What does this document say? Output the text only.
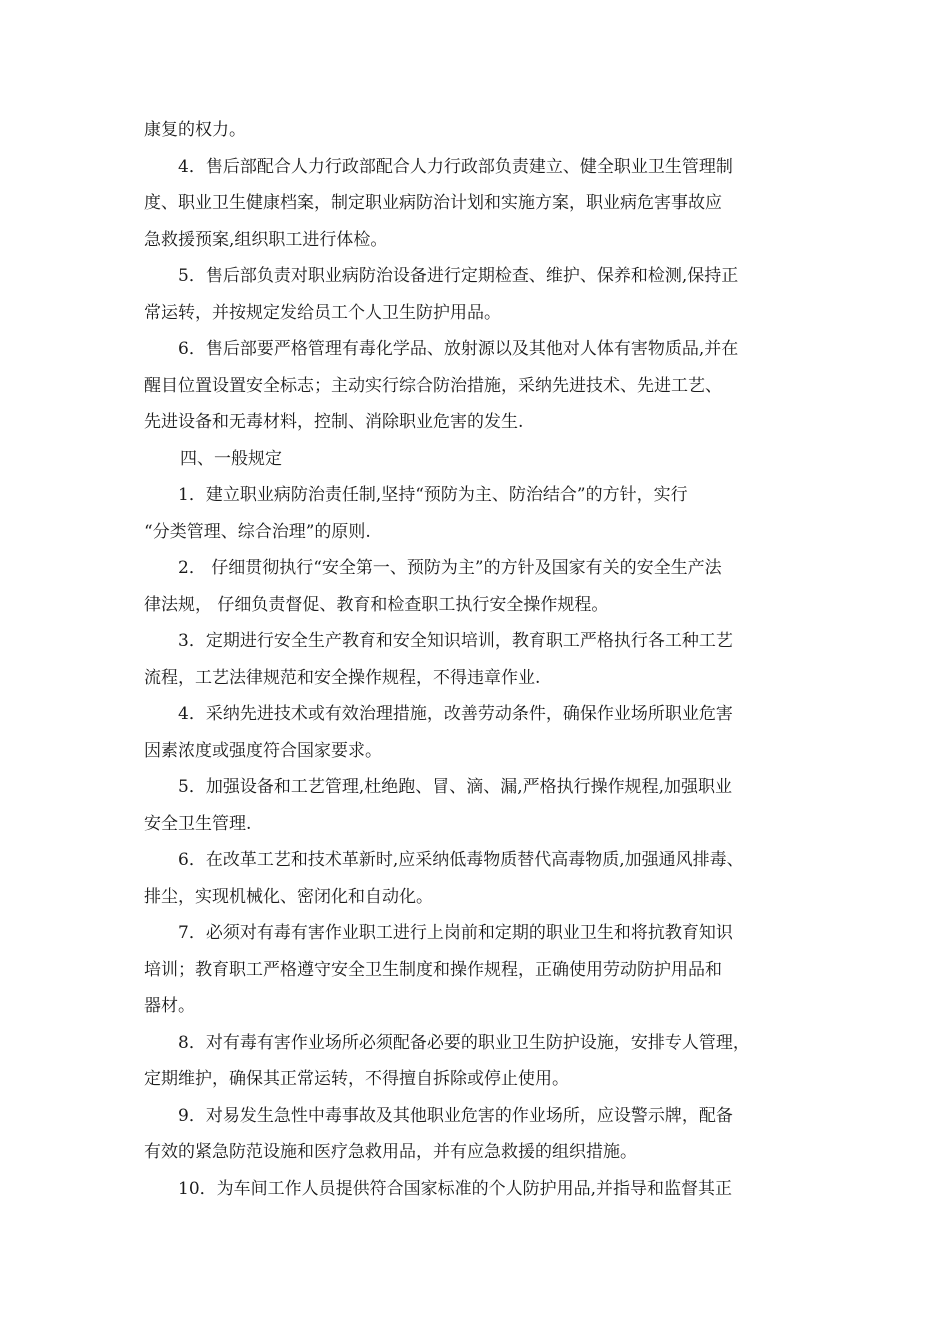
康复的权力。
4．售后部配合人力行政部配合人力行政部负责建立、健全职业卫生管理制
度、职业卫生健康档案，制定职业病防治计划和实施方案，职业病危害事故应
急救援预案,组织职工进行体检。
5．售后部负责对职业病防治设备进行定期检查、维护、保养和检测,保持正
常运转，并按规定发给员工个人卫生防护用品。
6．售后部要严格管理有毒化学品、放射源以及其他对人体有害物质品,并在
醒目位置设置安全标志；主动实行综合防治措施，采纳先进技术、先进工艺、
先进设备和无毒材料，控制、消除职业危害的发生.
四、一般规定
1．建立职业病防治责任制,坚持“预防为主、防治结合”的方针，实行
“分类管理、综合治理”的原则.
2． 仔细贯彻执行“安全第一、预防为主”的方针及国家有关的安全生产法
律法规， 仔细负责督促、教育和检查职工执行安全操作规程。
3．定期进行安全生产教育和安全知识培训，教育职工严格执行各工种工艺
流程，工艺法律规范和安全操作规程，不得违章作业.
4．采纳先进技术或有效治理措施，改善劳动条件，确保作业场所职业危害
因素浓度或强度符合国家要求。
5．加强设备和工艺管理,杜绝跑、冒、滴、漏,严格执行操作规程,加强职业
安全卫生管理.
6．在改革工艺和技术革新时,应采纳低毒物质替代高毒物质,加强通风排毒、
排尘，实现机械化、密闭化和自动化。
7．必须对有毒有害作业职工进行上岗前和定期的职业卫生和将抗教育知识
培训；教育职工严格遵守安全卫生制度和操作规程，正确使用劳动防护用品和
器材。
8．对有毒有害作业场所必须配备必要的职业卫生防护设施，安排专人管理，
定期维护，确保其正常运转，不得擅自拆除或停止使用。
9．对易发生急性中毒事故及其他职业危害的作业场所，应设警示牌，配备
有效的紧急防范设施和医疗急救用品，并有应急救援的组织措施。
10．为车间工作人员提供符合国家标准的个人防护用品,并指导和监督其正
